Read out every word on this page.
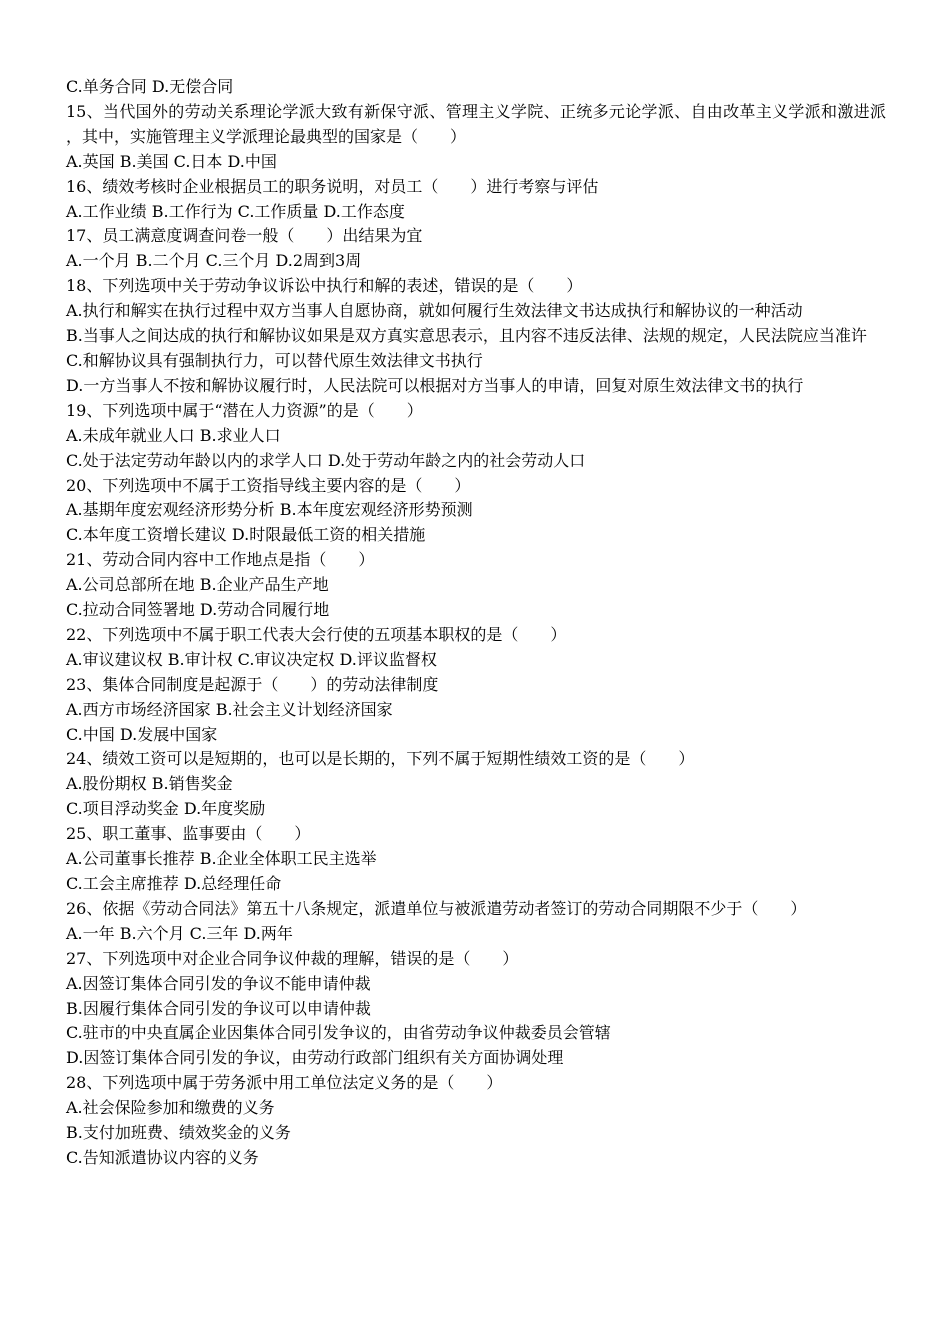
C.单务合同 D.无偿合同
15、当代国外的劳动关系理论学派大致有新保守派、管理主义学院、正统多元论学派、自由改革主义学派和激进派，其中，实施管理主义学派理论最典型的国家是（　　）
A.英国 B.美国 C.日本 D.中国
16、绩效考核时企业根据员工的职务说明，对员工（　　）进行考察与评估
A.工作业绩 B.工作行为 C.工作质量 D.工作态度
17、员工满意度调查问卷一般（　　）出结果为宜
A.一个月 B.二个月 C.三个月 D.2周到3周
18、下列选项中关于劳动争议诉讼中执行和解的表述，错误的是（　　）
A.执行和解实在执行过程中双方当事人自愿协商，就如何履行生效法律文书达成执行和解协议的一种活动
B.当事人之间达成的执行和解协议如果是双方真实意思表示，且内容不违反法律、法规的规定，人民法院应当准许
C.和解协议具有强制执行力，可以替代原生效法律文书执行
D.一方当事人不按和解协议履行时，人民法院可以根据对方当事人的申请，回复对原生效法律文书的执行
19、下列选项中属于“潜在人力资源”的是（　　）
A.未成年就业人口 B.求业人口
C.处于法定劳动年龄以内的求学人口 D.处于劳动年龄之内的社会劳动人口
20、下列选项中不属于工资指导线主要内容的是（　　）
A.基期年度宏观经济形势分析 B.本年度宏观经济形势预测
C.本年度工资增长建议 D.时限最低工资的相关措施
21、劳动合同内容中工作地点是指（　　）
A.公司总部所在地 B.企业产品生产地
C.拉动合同签署地 D.劳动合同履行地
22、下列选项中不属于职工代表大会行使的五项基本职权的是（　　）
A.审议建议权 B.审计权 C.审议决定权 D.评议监督权
23、集体合同制度是起源于（　　）的劳动法律制度
A.西方市场经济国家 B.社会主义计划经济国家
C.中国 D.发展中国家
24、绩效工资可以是短期的，也可以是长期的，下列不属于短期性绩效工资的是（　　）
A.股份期权 B.销售奖金
C.项目浮动奖金 D.年度奖励
25、职工董事、监事要由（　　）
A.公司董事长推荐 B.企业全体职工民主选举
C.工会主席推荐 D.总经理任命
26、依据《劳动合同法》第五十八条规定，派遣单位与被派遣劳动者签订的劳动合同期限不少于（　　）
A.一年 B.六个月 C.三年 D.两年
27、下列选项中对企业合同争议仲裁的理解，错误的是（　　）
A.因签订集体合同引发的争议不能申请仲裁
B.因履行集体合同引发的争议可以申请仲裁
C.驻市的中央直属企业因集体合同引发争议的，由省劳动争议仲裁委员会管辖
D.因签订集体合同引发的争议，由劳动行政部门组织有关方面协调处理
28、下列选项中属于劳务派中用工单位法定义务的是（　　）
A.社会保险参加和缴费的义务
B.支付加班费、绩效奖金的义务
C.告知派遣协议内容的义务
